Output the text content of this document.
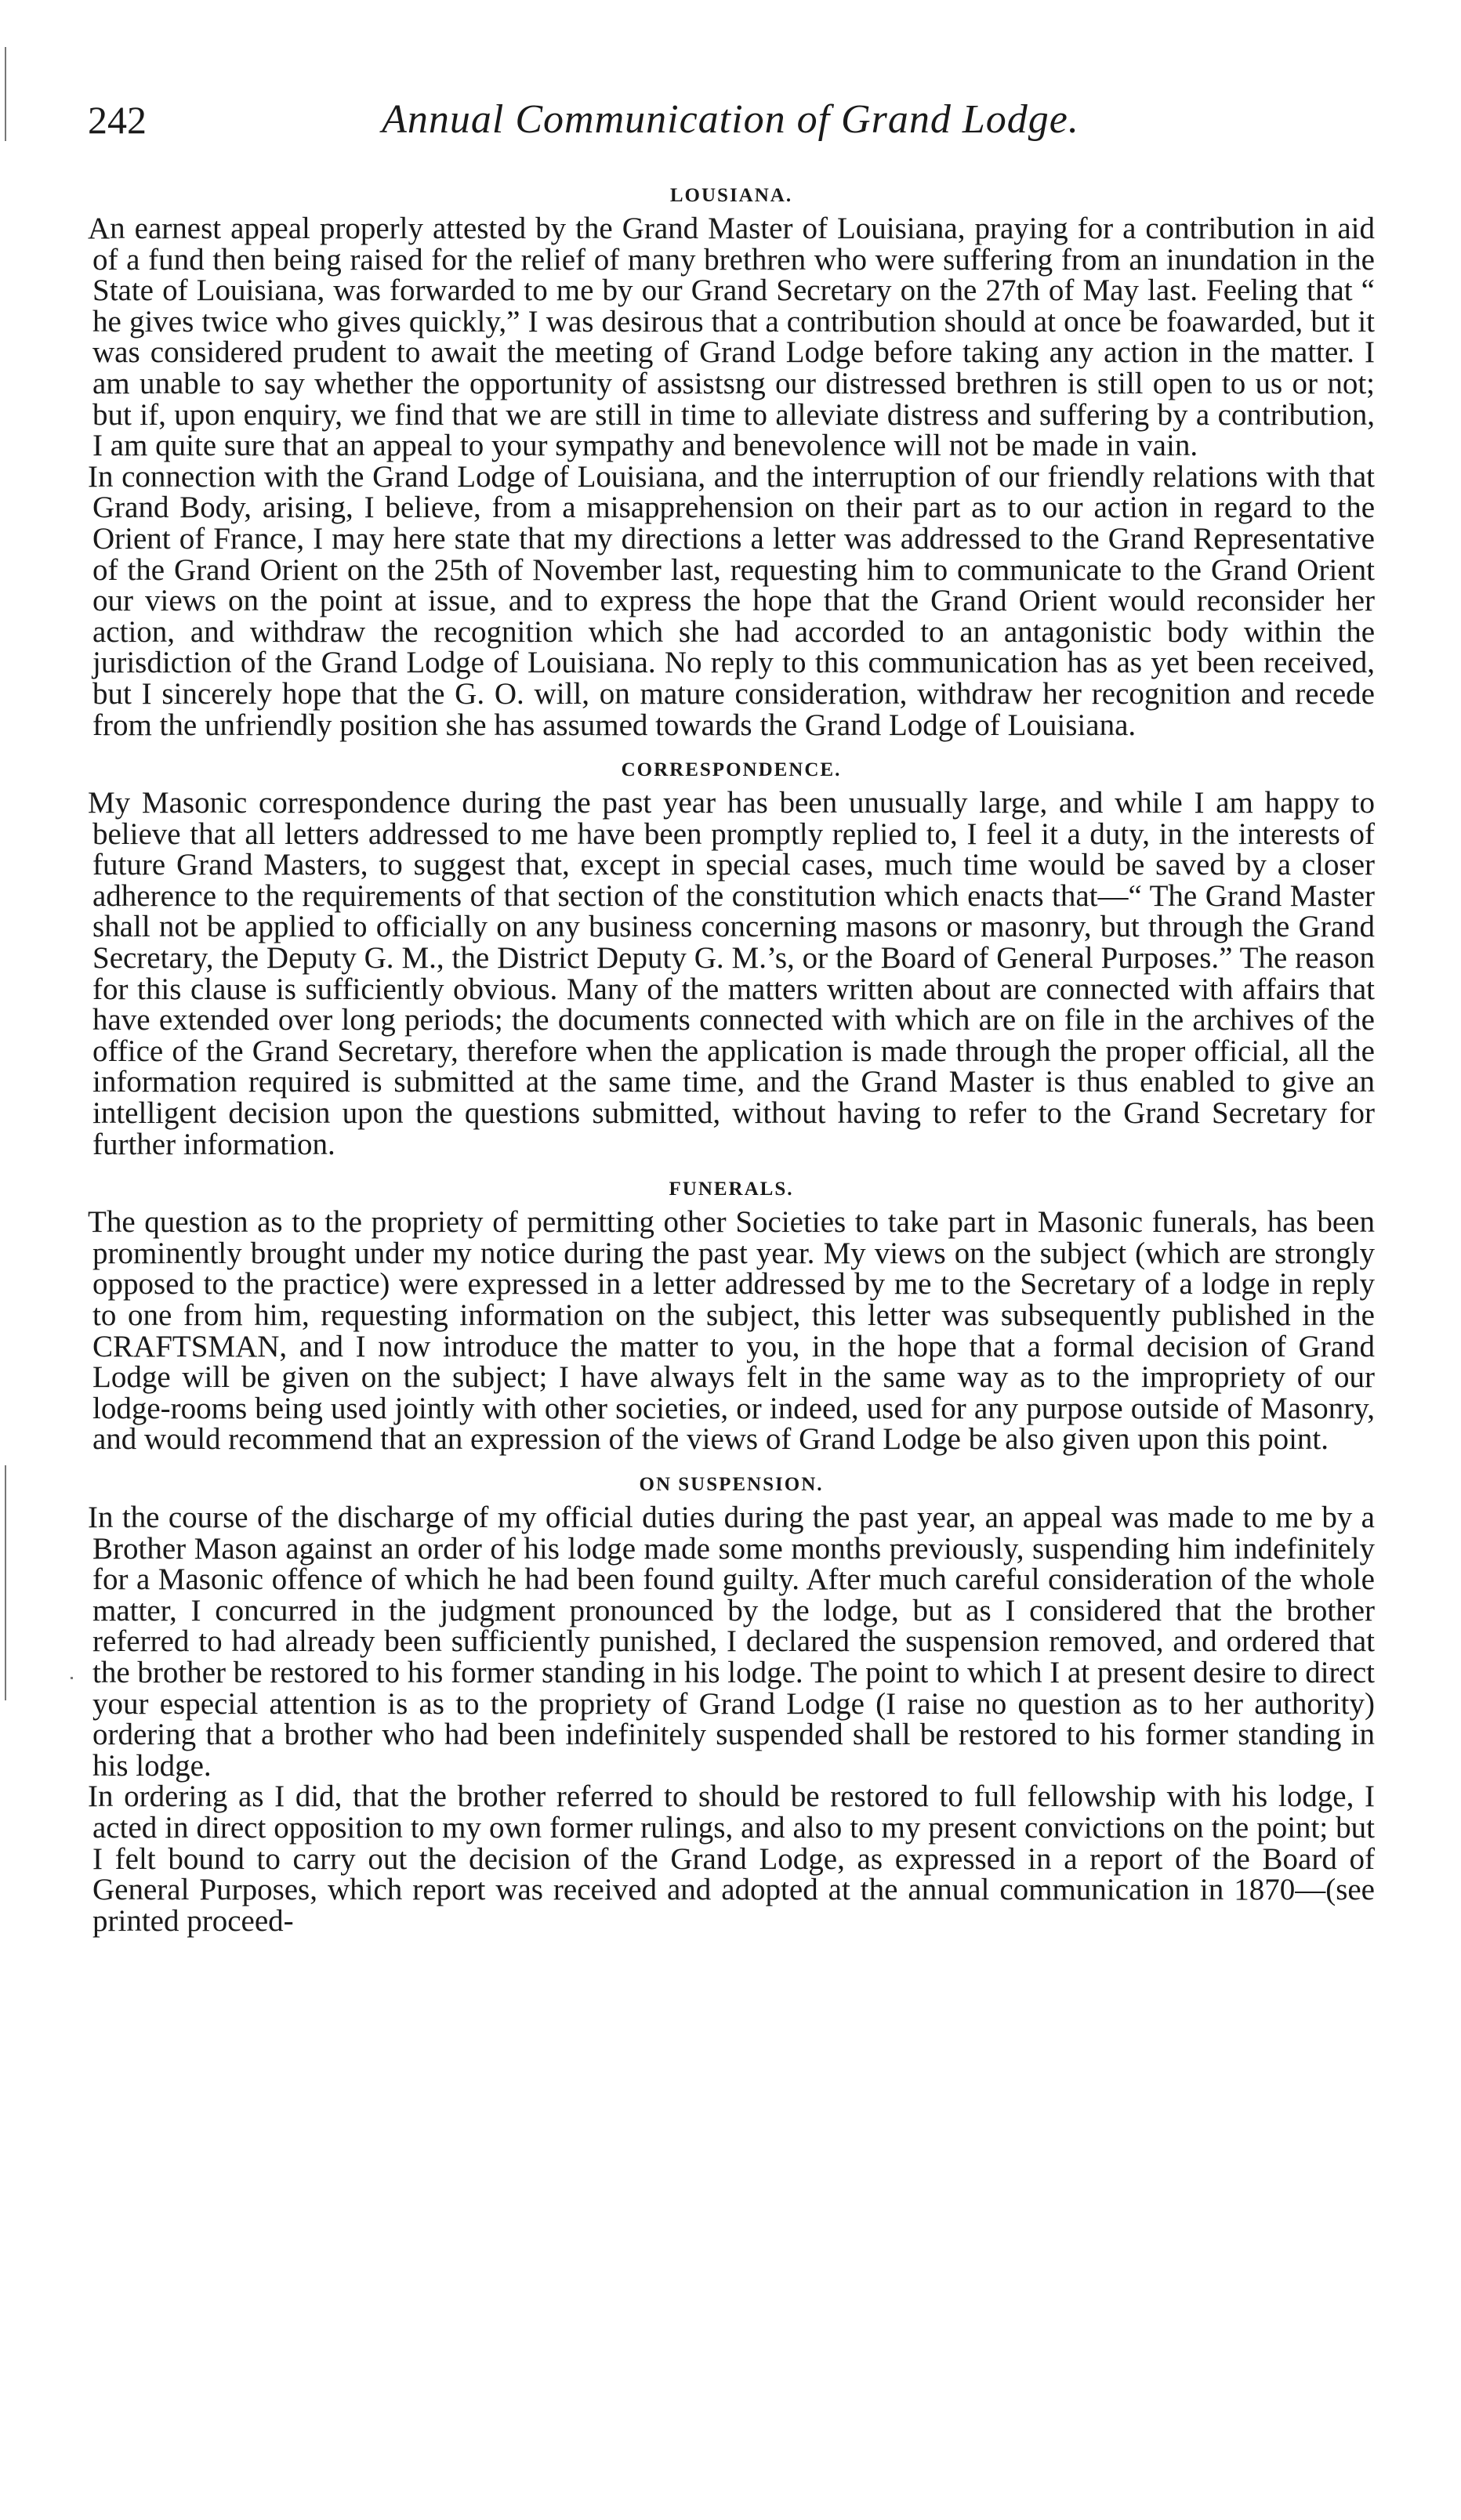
242	Annual Communication of Grand Lodge.
LOUSIANA.

An earnest appeal properly attested by the Grand Master of Louisiana, praying for a contribution in aid of a fund then being raised for the relief of many brethren who were suffering from an inundation in the State of Louisiana, was forwarded to me by our Grand Secretary on the 27th of May last. Feeling that “ he gives twice who gives quickly,” I was desirous that a contribution should at once be foawarded, but it was considered prudent to await the meeting of Grand Lodge before taking any action in the matter. I am unable to say whether the opportunity of assistsng our distressed brethren is still open to us or not; but if, upon enquiry, we find that we are still in time to alleviate distress and suffering by a contribution, I am quite sure that an appeal to your sympathy and benevolence will not be made in vain.

In connection with the Grand Lodge of Louisiana, and the interruption of our friendly relations with that Grand Body, arising, I believe, from a misapprehension on their part as to our action in regard to the Orient of France, I may here state that my directions a letter was addressed to the Grand Representative of the Grand Orient on the 25th of November last, requesting him to communicate to the Grand Orient our views on the point at issue, and to express the hope that the Grand Orient would reconsider her action, and withdraw the recognition which she had accorded to an antagonistic body within the jurisdiction of the Grand Lodge of Louisiana. No reply to this communication has as yet been received, but I sincerely hope that the G. O. will, on mature consideration, withdraw her recognition and recede from the unfriendly position she has assumed towards the Grand Lodge of Louisiana.

CORRESPONDENCE.

My Masonic correspondence during the past year has been unusually large, and while I am happy to believe that all letters addressed to me have been promptly replied to, I feel it a duty, in the interests of future Grand Masters, to suggest that, except in special cases, much time would be saved by a closer adherence to the requirements of that section of the constitution which enacts that—“ The Grand Master shall not be applied to officially on any business concerning masons or masonry, but through the Grand Secretary, the Deputy G. M., the District Deputy G. M.’s, or the Board of General Purposes.” The reason for this clause is sufficiently obvious. Many of the matters written about are connected with affairs that have extended over long periods; the documents connected with which are on file in the archives of the office of the Grand Secretary, therefore when the application is made through the proper official, all the information required is submitted at the same time, and the Grand Master is thus enabled to give an intelligent decision upon the questions submitted, without having to refer to the Grand Secretary for further information.

FUNERALS.

The question as to the propriety of permitting other Societies to take part in Masonic funerals, has been prominently brought under my notice during the past year. My views on the subject (which are strongly opposed to the practice) were expressed in a letter addressed by me to the Secretary of a lodge in reply to one from him, requesting information on the subject, this letter was subsequently published in the CRAFTSMAN, and I now introduce the matter to you, in the hope that a formal decision of Grand Lodge will be given on the subject; I have always felt in the same way as to the impropriety of our lodge-rooms being used jointly with other societies, or indeed, used for any purpose outside of Masonry, and would recommend that an expression of the views of Grand Lodge be also given upon this point.

ON SUSPENSION.

In the course of the discharge of my official duties during the past year, an appeal was made to me by a Brother Mason against an order of his lodge made some months previously, suspending him indefinitely for a Masonic offence of which he had been found guilty. After much careful consideration of the whole matter, I concurred in the judgment pronounced by the lodge, but as I considered that the brother referred to had already been sufficiently punished, I declared the suspension removed, and ordered that the brother be restored to his former standing in his lodge. The point to which I at present desire to direct your especial attention is as to the propriety of Grand Lodge (I raise no question as to her authority) ordering that a brother who had been indefinitely suspended shall be restored to his former standing in his lodge.

In ordering as I did, that the brother referred to should be restored to full fellowship with his lodge, I acted in direct opposition to my own former rulings, and also to my present convictions on the point; but I felt bound to carry out the decision of the Grand Lodge, as expressed in a report of the Board of General Purposes, which report was received and adopted at the annual communication in 1870—(see printed proceed-
